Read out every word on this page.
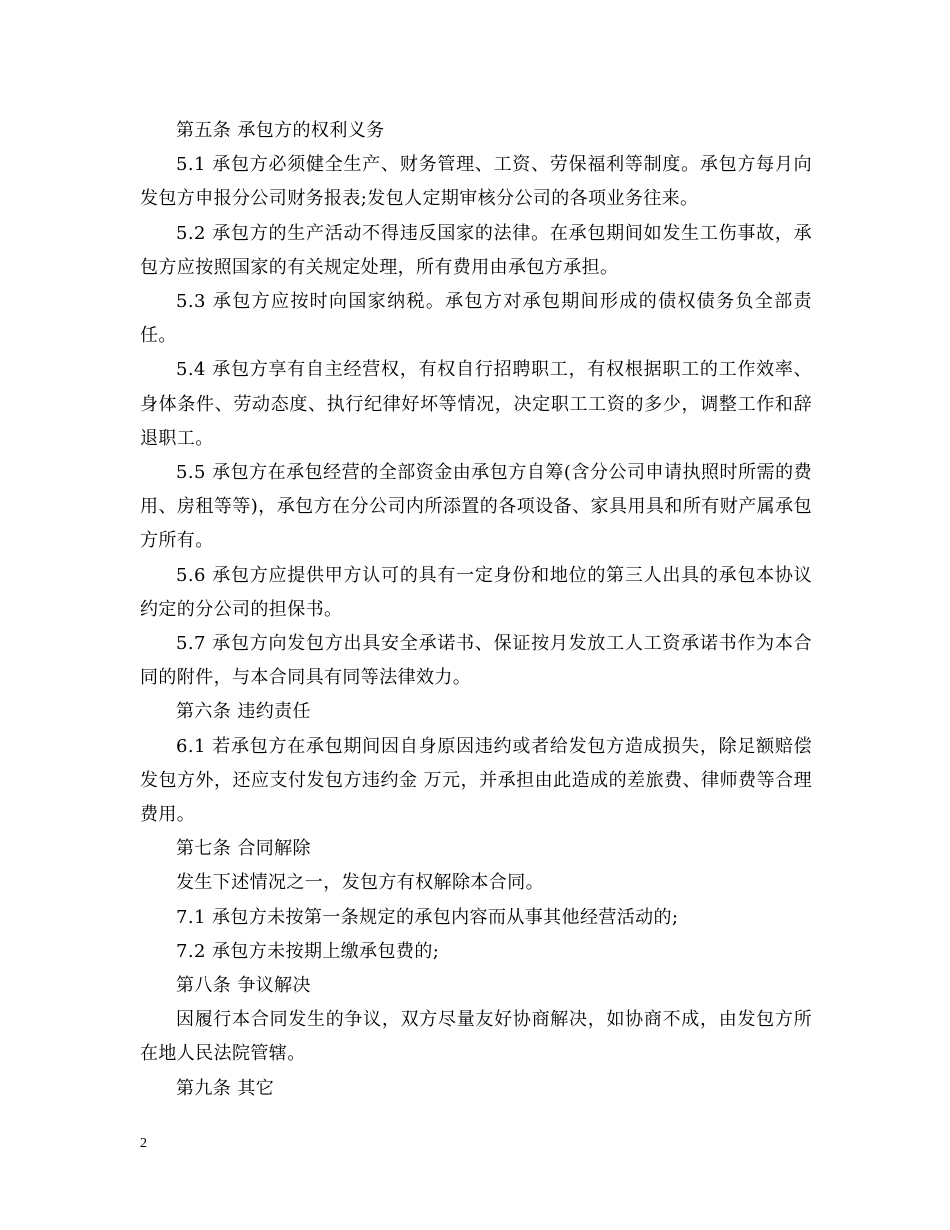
第五条 承包方的权利义务

5.1 承包方必须健全生产、财务管理、工资、劳保福利等制度。承包方每月向发包方申报分公司财务报表;发包人定期审核分公司的各项业务往来。

5.2 承包方的生产活动不得违反国家的法律。在承包期间如发生工伤事故，承包方应按照国家的有关规定处理，所有费用由承包方承担。

5.3 承包方应按时向国家纳税。承包方对承包期间形成的债权债务负全部责任。

5.4 承包方享有自主经营权，有权自行招聘职工，有权根据职工的工作效率、身体条件、劳动态度、执行纪律好坏等情况，决定职工工资的多少，调整工作和辞退职工。

5.5 承包方在承包经营的全部资金由承包方自筹(含分公司申请执照时所需的费用、房租等等)，承包方在分公司内所添置的各项设备、家具用具和所有财产属承包方所有。

5.6 承包方应提供甲方认可的具有一定身份和地位的第三人出具的承包本协议约定的分公司的担保书。

5.7 承包方向发包方出具安全承诺书、保证按月发放工人工资承诺书作为本合同的附件，与本合同具有同等法律效力。

第六条 违约责任

6.1 若承包方在承包期间因自身原因违约或者给发包方造成损失，除足额赔偿发包方外，还应支付发包方违约金 万元，并承担由此造成的差旅费、律师费等合理费用。

第七条 合同解除

发生下述情况之一，发包方有权解除本合同。

7.1 承包方未按第一条规定的承包内容而从事其他经营活动的;

7.2 承包方未按期上缴承包费的;

第八条 争议解决

因履行本合同发生的争议，双方尽量友好协商解决，如协商不成，由发包方所在地人民法院管辖。

第九条 其它

2
